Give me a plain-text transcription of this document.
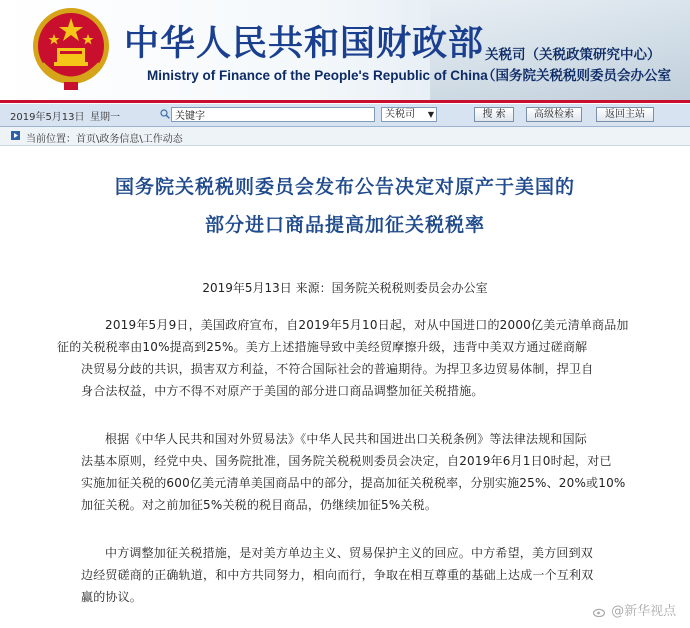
中华人民共和国财政部
Ministry of Finance of the People's Republic of China
关税司（关税政策研究中心）
（国务院关税税则委员会办公室
2019年5月13日 星期一
关键字	关税司 ▼	搜 索	高级检索	返回主站
当前位置：首页\政务信息\工作动态
国务院关税税则委员会发布公告决定对原产于美国的
部分进口商品提高加征关税税率
2019年5月13日 来源：国务院关税税则委员会办公室
2019年5月9日，美国政府宣布，自2019年5月10日起，对从中国进口的2000亿美元清单商品加
征的关税税率由10%提高到25%。美方上述措施导致中美经贸摩擦升级，违背中美双方通过磋商解
决贸易分歧的共识，损害双方利益，不符合国际社会的普遍期待。为捍卫多边贸易体制，捍卫自
身合法权益，中方不得不对原产于美国的部分进口商品调整加征关税措施。
根据《中华人民共和国对外贸易法》《中华人民共和国进出口关税条例》等法律法规和国际
法基本原则，经党中央、国务院批准，国务院关税税则委员会决定，自2019年6月1日0时起，对已
实施加征关税的600亿美元清单美国商品中的部分，提高加征关税税率，分别实施25%、20%或10%
加征关税。对之前加征5%关税的税目商品，仍继续加征5%关税。
中方调整加征关税措施，是对美方单边主义、贸易保护主义的回应。中方希望，美方回到双
边经贸磋商的正确轨道，和中方共同努力，相向而行，争取在相互尊重的基础上达成一个互利双
赢的协议。
@新华视点
